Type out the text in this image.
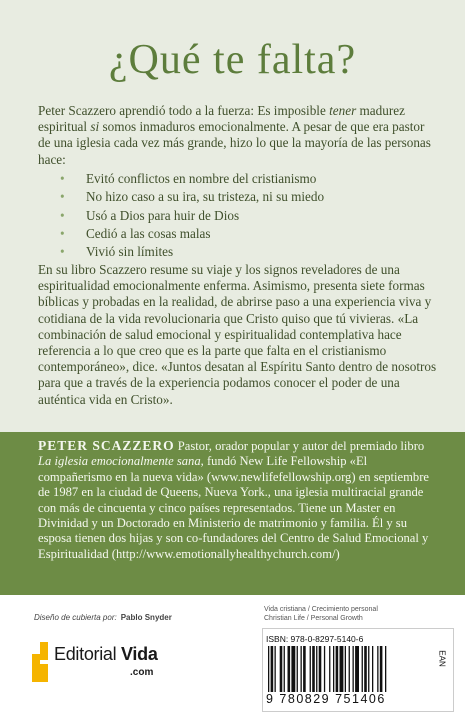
¿Qué te falta?
Peter Scazzero aprendió todo a la fuerza: Es imposible tener madurez espiritual si somos inmaduros emocionalmente. A pesar de que era pastor de una iglesia cada vez más grande, hizo lo que la mayoría de las personas hace:
• Evitó conflictos en nombre del cristianismo
• No hizo caso a su ira, su tristeza, ni su miedo
• Usó a Dios para huir de Dios
• Cedió a las cosas malas
• Vivió sin límites
En su libro Scazzero resume su viaje y los signos reveladores de una espiritualidad emocionalmente enferma. Asimismo, presenta siete formas bíblicas y probadas en la realidad, de abrirse paso a una experiencia viva y cotidiana de la vida revolucionaria que Cristo quiso que tú vivieras. «La combinación de salud emocional y espiritualidad contemplativa hace referencia a lo que creo que es la parte que falta en el cristianismo contemporáneo», dice. «Juntos desatan al Espíritu Santo dentro de nosotros para que a través de la experiencia podamos conocer el poder de una auténtica vida en Cristo».
PETER SCAZZERO Pastor, orador popular y autor del premiado libro La iglesia emocionalmente sana, fundó New Life Fellowship «El compañerismo en la nueva vida» (www.newlifefellowship.org) en septiembre de 1987 en la ciudad de Queens, Nueva York., una iglesia multiracial grande con más de cincuenta y cinco países representados. Tiene un Master en Divinidad y un Doctorado en Ministerio de matrimonio y familia. Él y su esposa tienen dos hijas y son co-fundadores del Centro de Salud Emocional y Espiritualidad (http://www.emotionallyhealthychurch.com/)
Diseño de cubierta por: Pablo Snyder
Editorial Vida
.com
Vida cristiana / Crecimiento personal
Christian Life / Personal Growth
ISBN: 978-0-8297-5140-6
EAN
9 780829 751406
